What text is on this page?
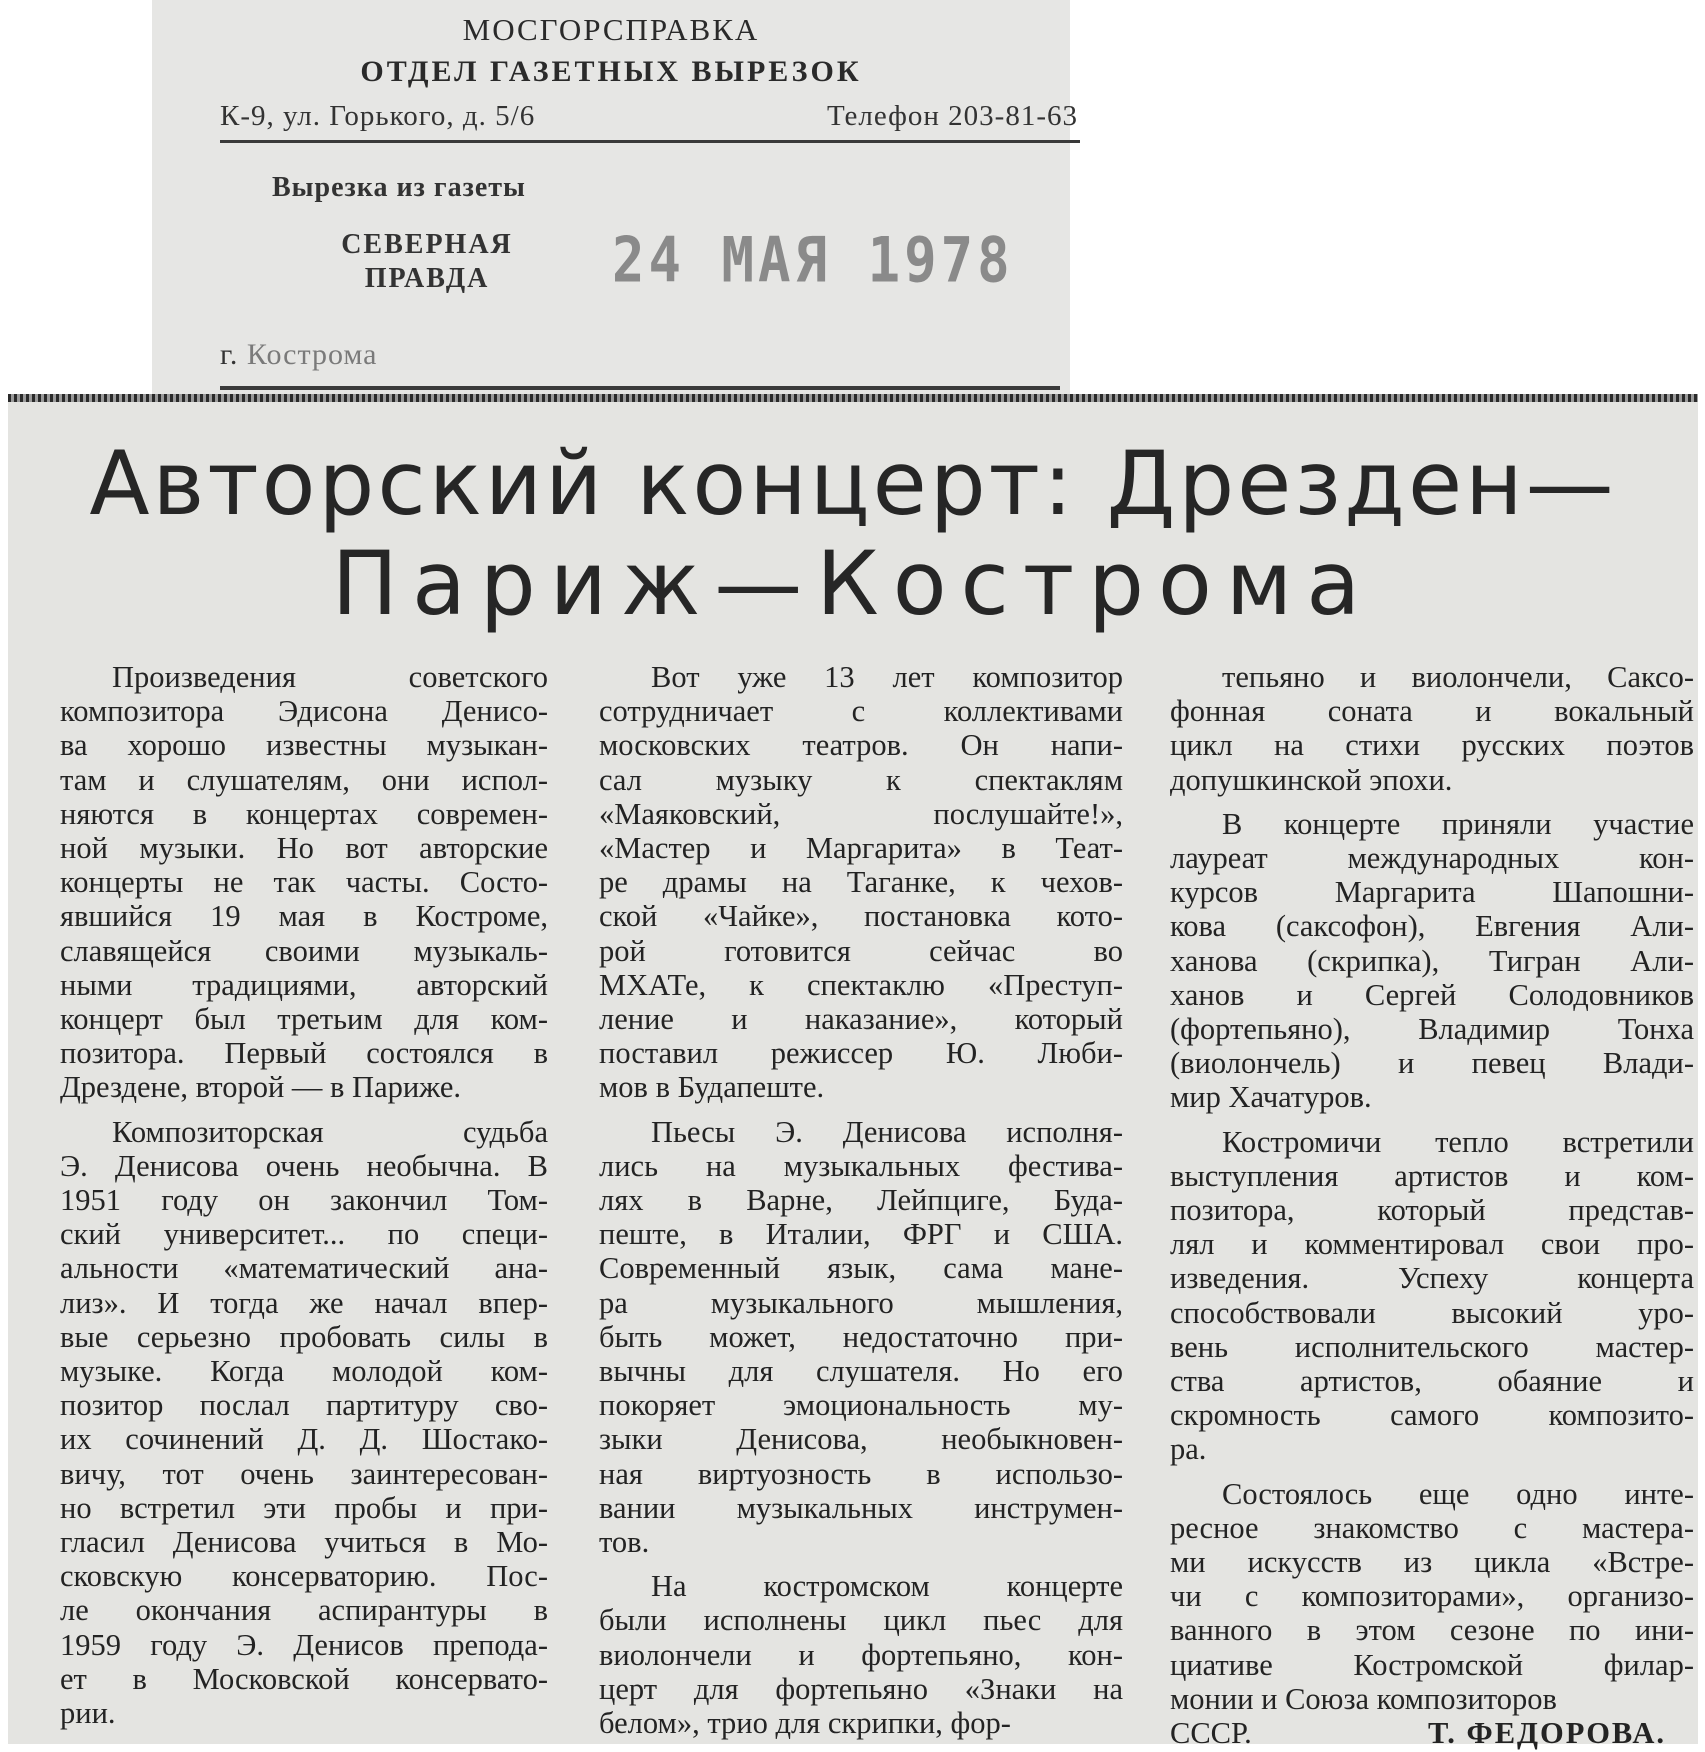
МОСГОРСПРАВКА
ОТДЕЛ ГАЗЕТНЫХ ВЫРЕЗОК
К-9, ул. Горького, д. 5/6	Телефон 203-81-63
Вырезка из газеты
СЕВЕРНАЯ
ПРАВДА	24 МАЯ 1978
г. Кострома
Авторский концерт: Дрезден—
Париж—Кострома

Произведения советского
композитора Эдисона Денисо-
ва хорошо известны музыкан-
там и слушателям, они испол-
няются в концертах современ-
ной музыки. Но вот авторские
концерты не так часты. Состо-
явшийся 19 мая в Костроме,
славящейся своими музыкаль-
ными традициями, авторский
концерт был третьим для ком-
позитора. Первый состоялся в
Дрездене, второй — в Париже.

Композиторская судьба
Э. Денисова очень необычна. В
1951 году он закончил Том-
ский университет... по специ-
альности «математический ана-
лиз». И тогда же начал впер-
вые серьезно пробовать силы в
музыке. Когда молодой ком-
позитор послал партитуру сво-
их сочинений Д. Д. Шостако-
вичу, тот очень заинтересован-
но встретил эти пробы и при-
гласил Денисова учиться в Мо-
сковскую консерваторию. Пос-
ле окончания аспирантуры в
1959 году Э. Денисов препода-
ет в Московской консервато-
рии.

Вот уже 13 лет композитор
сотрудничает с коллективами
московских театров. Он напи-
сал музыку к спектаклям
«Маяковский, послушайте!»,
«Мастер и Маргарита» в Теат-
ре драмы на Таганке, к чехов-
ской «Чайке», постановка кото-
рой готовится сейчас во
МХАТе, к спектаклю «Преступ-
ление и наказание», который
поставил режиссер Ю. Люби-
мов в Будапеште.

Пьесы Э. Денисова исполня-
лись на музыкальных фестива-
лях в Варне, Лейпциге, Буда-
пеште, в Италии, ФРГ и США.
Современный язык, сама мане-
ра музыкального мышления,
быть может, недостаточно при-
вычны для слушателя. Но его
покоряет эмоциональность му-
зыки Денисова, необыкновен-
ная виртуозность в использо-
вании музыкальных инструмен-
тов.

На костромском концерте
были исполнены цикл пьес для
виолончели и фортепьяно, кон-
церт для фортепьяно «Знаки на
белом», трио для скрипки, фор-

тепьяно и виолончели, Саксо-
фонная соната и вокальный
цикл на стихи русских поэтов
допушкинской эпохи.

В концерте приняли участие
лауреат международных кон-
курсов Маргарита Шапошни-
кова (саксофон), Евгения Али-
ханова (скрипка), Тигран Али-
ханов и Сергей Солодовников
(фортепьяно), Владимир Тонха
(виолончель) и певец Влади-
мир Хачатуров.

Костромичи тепло встретили
выступления артистов и ком-
позитора, который представ-
лял и комментировал свои про-
изведения. Успеху концерта
способствовали высокий уро-
вень исполнительского мастер-
ства артистов, обаяние и
скромность самого композито-
ра.

Состоялось еще одно инте-
ресное знакомство с мастера-
ми искусств из цикла «Встре-
чи с композиторами», организо-
ванного в этом сезоне по ини-
циативе Костромской филар-
монии и Союза композиторов

СССР.	Т. ФЕДОРОВА.
